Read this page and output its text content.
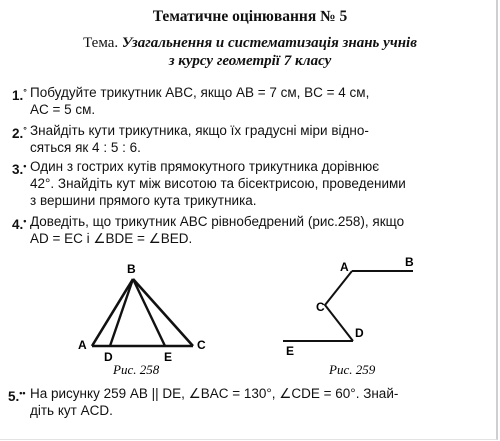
Тематичне оцінювання № 5
Тема. Узагальнення и систематизація знань учнів
з курсу геометрії 7 класу
1.° Побудуйте трикутник ABC, якщо AB = 7 см, BC = 4 см,
AC = 5 см.
2.° Знайдіть кути трикутника, якщо їх градусні міри відно-
сяться як 4 : 5 : 6.
3.• Один з гострих кутів прямокутного трикутника дорівнює
42°. Знайдіть кут між висотою та бісектрисою, проведеними
з вершини прямого кута трикутника.
4.• Доведіть, що трикутник ABC рівнобедрений (рис.258), якщо
AD = EC і ∠BDE = ∠BED.
B
A	C
D	E
Рис. 258
A	B
C
D
E
Рис. 259
5.•• На рисунку 259 AB || DE, ∠BAC = 130°, ∠CDE = 60°. Знай-
діть кут ACD.
